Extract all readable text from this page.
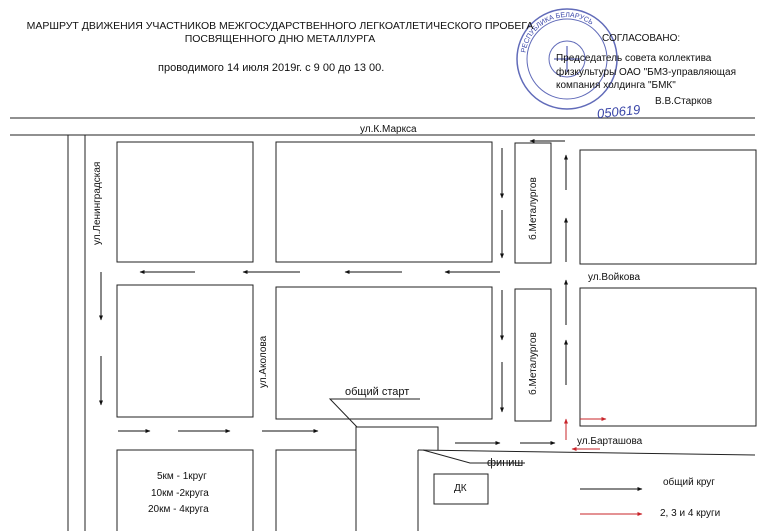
РЕСПУБЛИКА БЕЛАРУСЬ
МАРШРУТ ДВИЖЕНИЯ УЧАСТНИКОВ МЕЖГОСУДАРСТВЕННОГО ЛЕГКОАТЛЕТИЧЕСКОГО ПРОБЕГА
ПОСВЯЩЕННОГО ДНЮ МЕТАЛЛУРГА
проводимого 14 июля 2019г. с 9 00 до 13 00.
СОГЛАСОВАНО:
Председатель совета коллектива
физкультуры ОАО "БМЗ-управляющая
компания холдинга "БМК"
В.В.Старков
050619
ул.К.Маркса
ул.Ленинградская	б.Металургов
ул.Войкова
ул.Аколова	б.Металургов
ул.Барташова
общий старт
финиш
ДК
5км - 1круг
10км -2круга
20км - 4круга
общий круг
2, 3 и 4 круги
